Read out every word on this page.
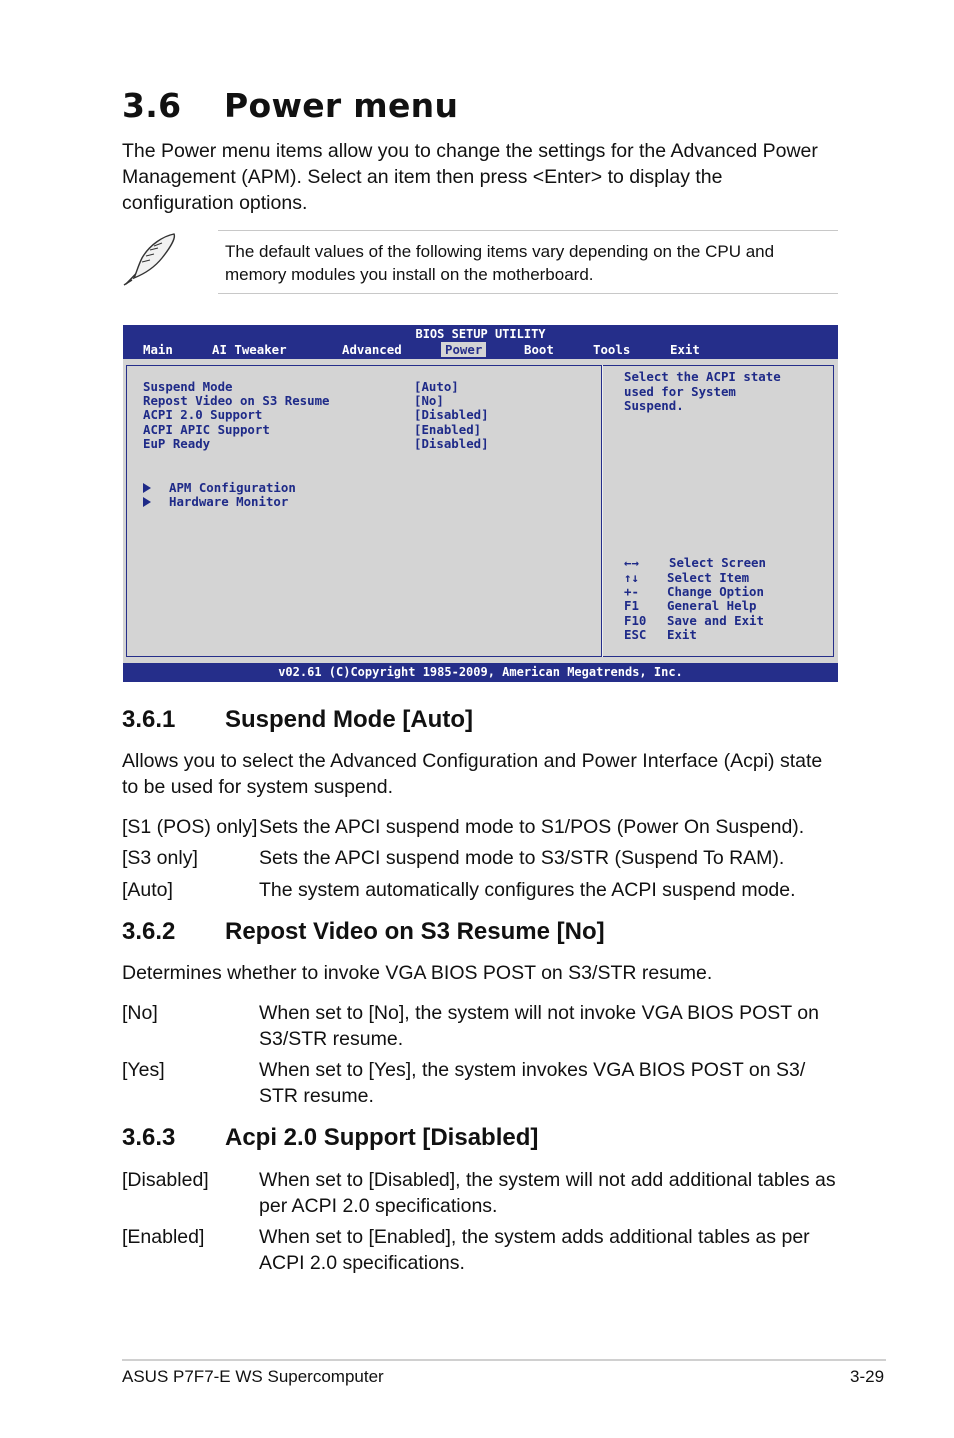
3.6 Power menu

The Power menu items allow you to change the settings for the Advanced Power Management (APM). Select an item then press <Enter> to display the configuration options.

The default values of the following items vary depending on the CPU and memory modules you install on the motherboard.
BIOS SETUP UTILITY
Main	AI Tweaker	Advanced	Power	Boot	Tools	Exit
Suspend Mode	[Auto]
Repost Video on S3 Resume	[No]
ACPI 2.0 Support	[Disabled]
ACPI APIC Support	[Enabled]
EuP Ready	[Disabled]
APM Configuration
Hardware Monitor
Select the ACPI state
used for System
Suspend.
←→ Select Screen
↑↓ Select Item
+- Change Option
F1 General Help
F10 Save and Exit
ESC Exit
v02.61 (C)Copyright 1985-2009, American Megatrends, Inc.
3.6.1 Suspend Mode [Auto]

Allows you to select the Advanced Configuration and Power Interface (Acpi) state to be used for system suspend.

[S1 (POS) only] Sets the APCI suspend mode to S1/POS (Power On Suspend).
[S3 only]	Sets the APCI suspend mode to S3/STR (Suspend To RAM).
[Auto]	The system automatically configures the ACPI suspend mode.
3.6.2 Repost Video on S3 Resume [No]

Determines whether to invoke VGA BIOS POST on S3/STR resume.

[No]	When set to [No], the system will not invoke VGA BIOS POST on S3/STR resume.
[Yes]	When set to [Yes], the system invokes VGA BIOS POST on S3/ STR resume.
3.6.3 Acpi 2.0 Support [Disabled]
[Disabled]	When set to [Disabled], the system will not add additional tables as per ACPI 2.0 specifications.
[Enabled]	When set to [Enabled], the system adds additional tables as per ACPI 2.0 specifications.
ASUS P7F7-E WS Supercomputer	3-29
